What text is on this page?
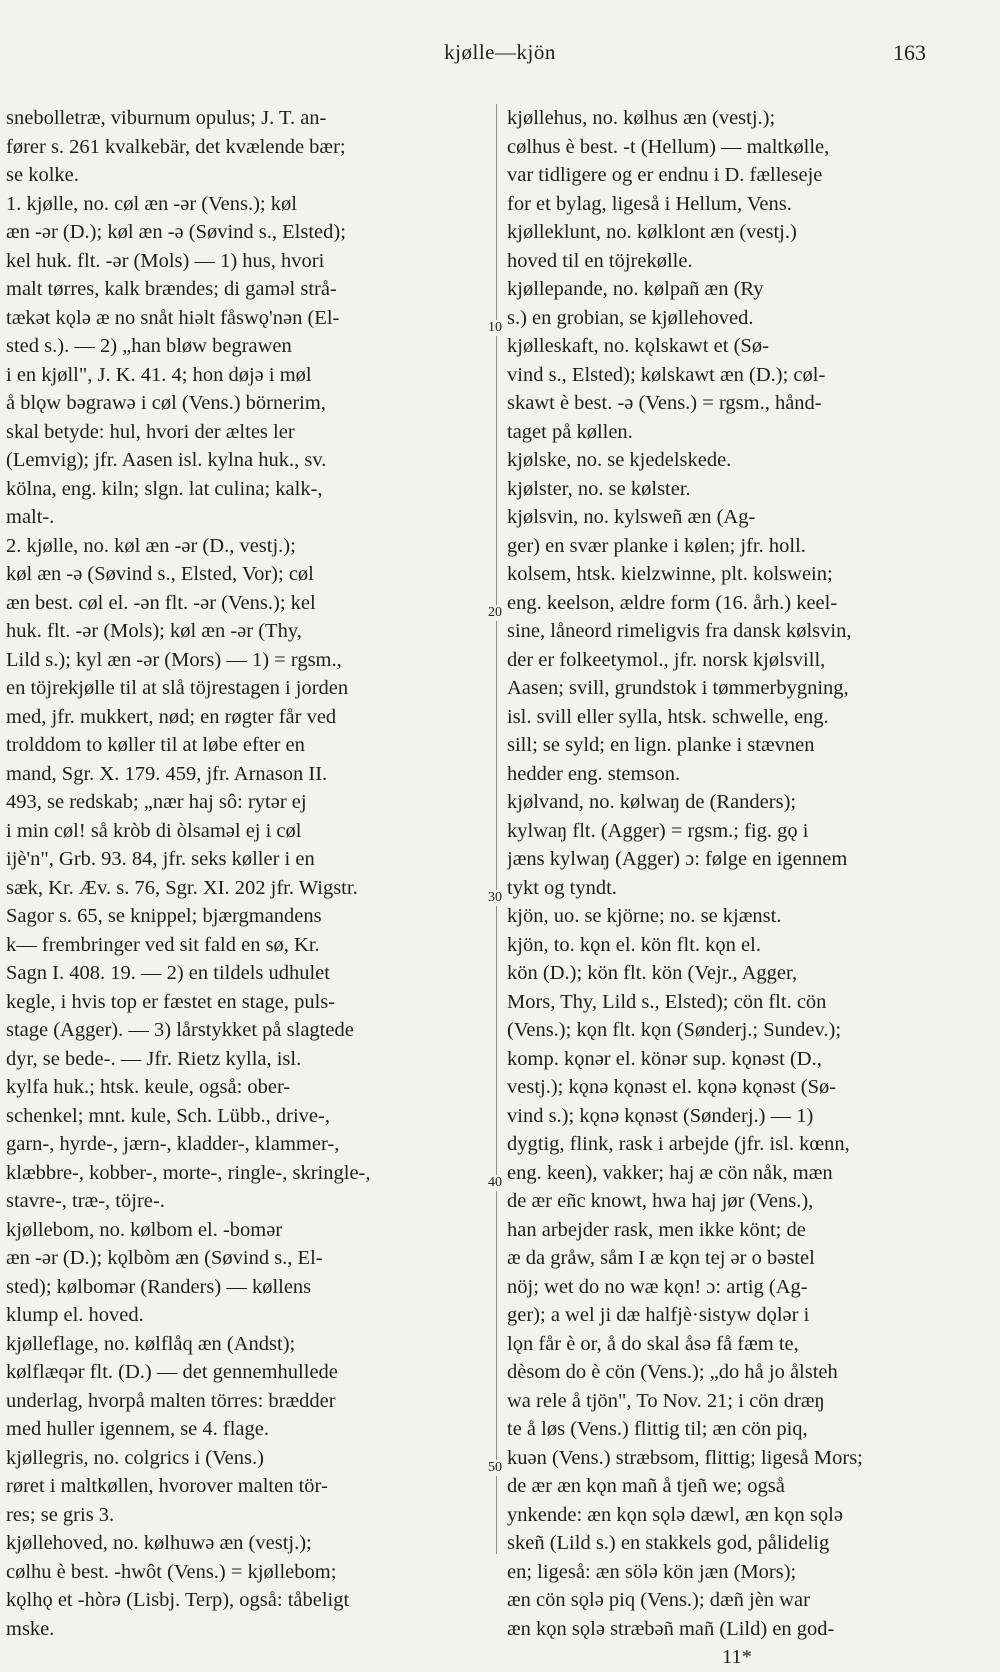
kjølle—kjön	163
snebolletræ, viburnum opulus; J. T. an-
fører s. 261 kvalkebär, det kvælende bær;
se kolke.
1. kjølle, no. cøl æn -ər (Vens.); køl
æn -ər (D.); køl æn -ə (Søvind s., Elsted);
kel huk. flt. -ər (Mols) — 1) hus, hvori
malt tørres, kalk brændes; di gaməl strå-
tækət kǫlə æ no snåt hiəlt fåswǫ'nən (El-
sted s.). — 2) „han bløw begrawen
i en kjøll", J. K. 41. 4; hon døjə i møl
å blǫw bəgrawə i cøl (Vens.) börnerim,
skal betyde: hul, hvori der æltes ler
(Lemvig); jfr. Aasen isl. kylna huk., sv.
kölna, eng. kiln; slgn. lat culina; kalk-,
malt-.
2. kjølle, no. køl æn -ər (D., vestj.);
køl æn -ə (Søvind s., Elsted, Vor); cøl
æn best. cøl el. -ən flt. -ər (Vens.); kel
huk. flt. -ər (Mols); køl æn -ər (Thy,
Lild s.); kyl æn -ər (Mors) — 1) = rgsm.,
en töjrekjølle til at slå töjrestagen i jorden
med, jfr. mukkert, nød; en røgter får ved
trolddom to køller til at løbe efter en
mand, Sgr. X. 179. 459, jfr. Arnason II.
493, se redskab; „nær haj sô: rytər ej
i min cøl! så kròb di òlsaməl ej i cøl
ijè'n", Grb. 93. 84, jfr. seks køller i en
sæk, Kr. Æv. s. 76, Sgr. XI. 202 jfr. Wigstr.
Sagor s. 65, se knippel; bjærgmandens
k— frembringer ved sit fald en sø, Kr.
Sagn I. 408. 19. — 2) en tildels udhulet
kegle, i hvis top er fæstet en stage, puls-
stage (Agger). — 3) lårstykket på slagtede
dyr, se bede-. — Jfr. Rietz kylla, isl.
kylfa huk.; htsk. keule, også: ober-
schenkel; mnt. kule, Sch. Lübb., drive-,
garn-, hyrde-, jærn-, kladder-, klammer-,
klæbbre-, kobber-, morte-, ringle-, skringle-,
stavre-, træ-, töjre-.
kjøllebom, no. kølbom el. -bomər
æn -ər (D.); kǫlbòm æn (Søvind s., El-
sted); kølbomər (Randers) — køllens
klump el. hoved.
kjølleflage, no. kølflåq æn (Andst);
kølflæqər flt. (D.) — det gennemhullede
underlag, hvorpå malten törres: brædder
med huller igennem, se 4. flage.
kjøllegris, no. colgrics i (Vens.)
røret i maltkøllen, hvorover malten tör-
res; se gris 3.
kjøllehoved, no. kølhuwə æn (vestj.);
cølhu è best. -hwôt (Vens.) = kjøllebom;
kǫlhǫ et -hòrə (Lisbj. Terp), også: tåbeligt
mske.
kjøllehus, no. kølhus æn (vestj.);
cølhus è best. -t (Hellum) — maltkølle,
var tidligere og er endnu i D. fælleseje
for et bylag, ligeså i Hellum, Vens.
kjølleklunt, no. kølklont æn (vestj.)
hoved til en töjrekølle.
kjøllepande, no. kølpañ æn (Ry
s.) en grobian, se kjøllehoved.
kjølleskaft, no. kǫlskawt et (Sø-
vind s., Elsted); kølskawt æn (D.); cøl-
skawt è best. -ə (Vens.) = rgsm., hånd-
taget på køllen.
kjølske, no. se kjedelskede.
kjølster, no. se kølster.
kjølsvin, no. kylsweñ æn (Ag-
ger) en svær planke i kølen; jfr. holl.
kolsem, htsk. kielzwinne, plt. kolswein;
eng. keelson, ældre form (16. årh.) keel-
sine, låneord rimeligvis fra dansk kølsvin,
der er folkeetymol., jfr. norsk kjølsvill,
Aasen; svill, grundstok i tømmerbygning,
isl. svill eller sylla, htsk. schwelle, eng.
sill; se syld; en lign. planke i stævnen
hedder eng. stemson.
kjølvand, no. kølwaŋ de (Randers);
kylwaŋ flt. (Agger) = rgsm.; fig. gǫ i
jæns kylwaŋ (Agger) ɔ: følge en igennem
tykt og tyndt.
kjön, uo. se kjörne; no. se kjænst.
kjön, to. kǫn el. kön flt. kǫn el.
kön (D.); kön flt. kön (Vejr., Agger,
Mors, Thy, Lild s., Elsted); cön flt. cön
(Vens.); kǫn flt. kǫn (Sønderj.; Sundev.);
komp. kǫnər el. könər sup. kǫnəst (D.,
vestj.); kǫnə kǫnəst el. kǫnə kǫnəst (Sø-
vind s.); kǫnə kǫnəst (Sønderj.) — 1)
dygtig, flink, rask i arbejde (jfr. isl. kœnn,
eng. keen), vakker; haj æ cön nåk, mæn
de ær eñc knowt, hwa haj jør (Vens.),
han arbejder rask, men ikke könt; de
æ da gråw, såm I æ kǫn tej ər o bəstel
nöj; wet do no wæ kǫn! ɔ: artig (Ag-
ger); a wel ji dæ halfjè·sistyw dǫlər i
lǫn får è or, å do skal åsə få fæm te,
dèsom do è cön (Vens.); „do hå jo ålsteh
wa rele å tjön", To Nov. 21; i cön dræŋ
te å løs (Vens.) flittig til; æn cön piq,
kuən (Vens.) stræbsom, flittig; ligeså Mors;
de ær æn kǫn mañ å tjeñ we; også
ynkende: æn kǫn sǫlə dæwl, æn kǫn sǫlə
skeñ (Lild s.) en stakkels god, pålidelig
en; ligeså: æn sölə kön jæn (Mors);
æn cön sǫlə piq (Vens.); dæñ jèn war
æn kǫn sǫlə stræbəñ mañ (Lild) en god-
11*
10
20
30
40
50
